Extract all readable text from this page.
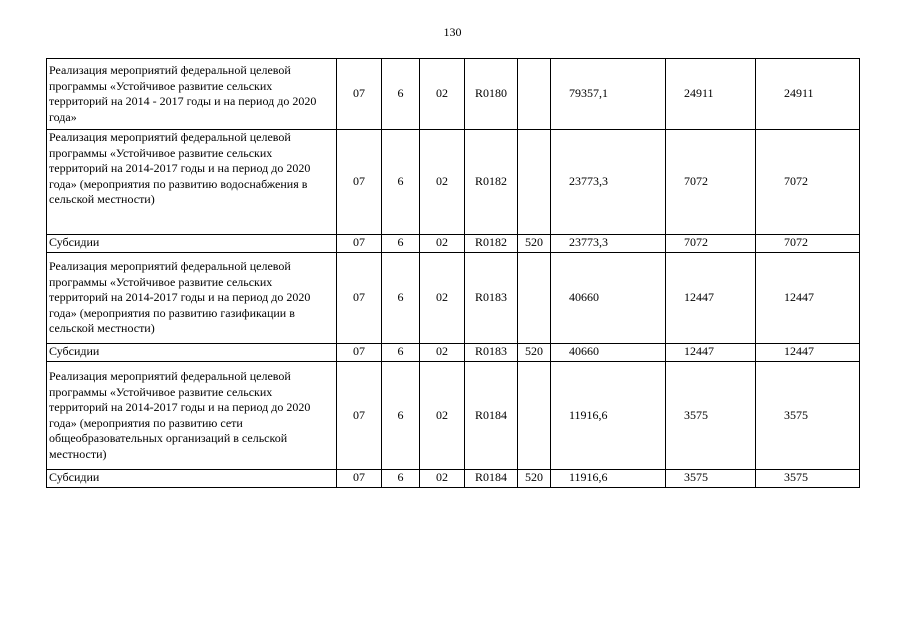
130
Реализация мероприятий федеральной целевой программы «Устойчивое развитие сельских территорий на 2014 - 2017 годы и на период до 2020 года»	07	6	02	R0180		79357,1	24911	24911
Реализация мероприятий федеральной целевой программы «Устойчивое развитие сельских территорий на 2014-2017 годы и на период до 2020 года» (мероприятия по развитию водоснабжения в сельской местности)	07	6	02	R0182		23773,3	7072	7072
Субсидии	07	6	02	R0182	520	23773,3	7072	7072
Реализация мероприятий федеральной целевой программы «Устойчивое развитие сельских территорий на 2014-2017 годы и на период до 2020 года» (мероприятия по развитию газификации в сельской местности)	07	6	02	R0183		40660	12447	12447
Субсидии	07	6	02	R0183	520	40660	12447	12447
Реализация мероприятий федеральной целевой программы «Устойчивое развитие сельских территорий на 2014-2017 годы и на период до 2020 года» (мероприятия по развитию сети общеобразовательных организаций в сельской местности)	07	6	02	R0184		11916,6	3575	3575
Субсидии	07	6	02	R0184	520	11916,6	3575	3575
